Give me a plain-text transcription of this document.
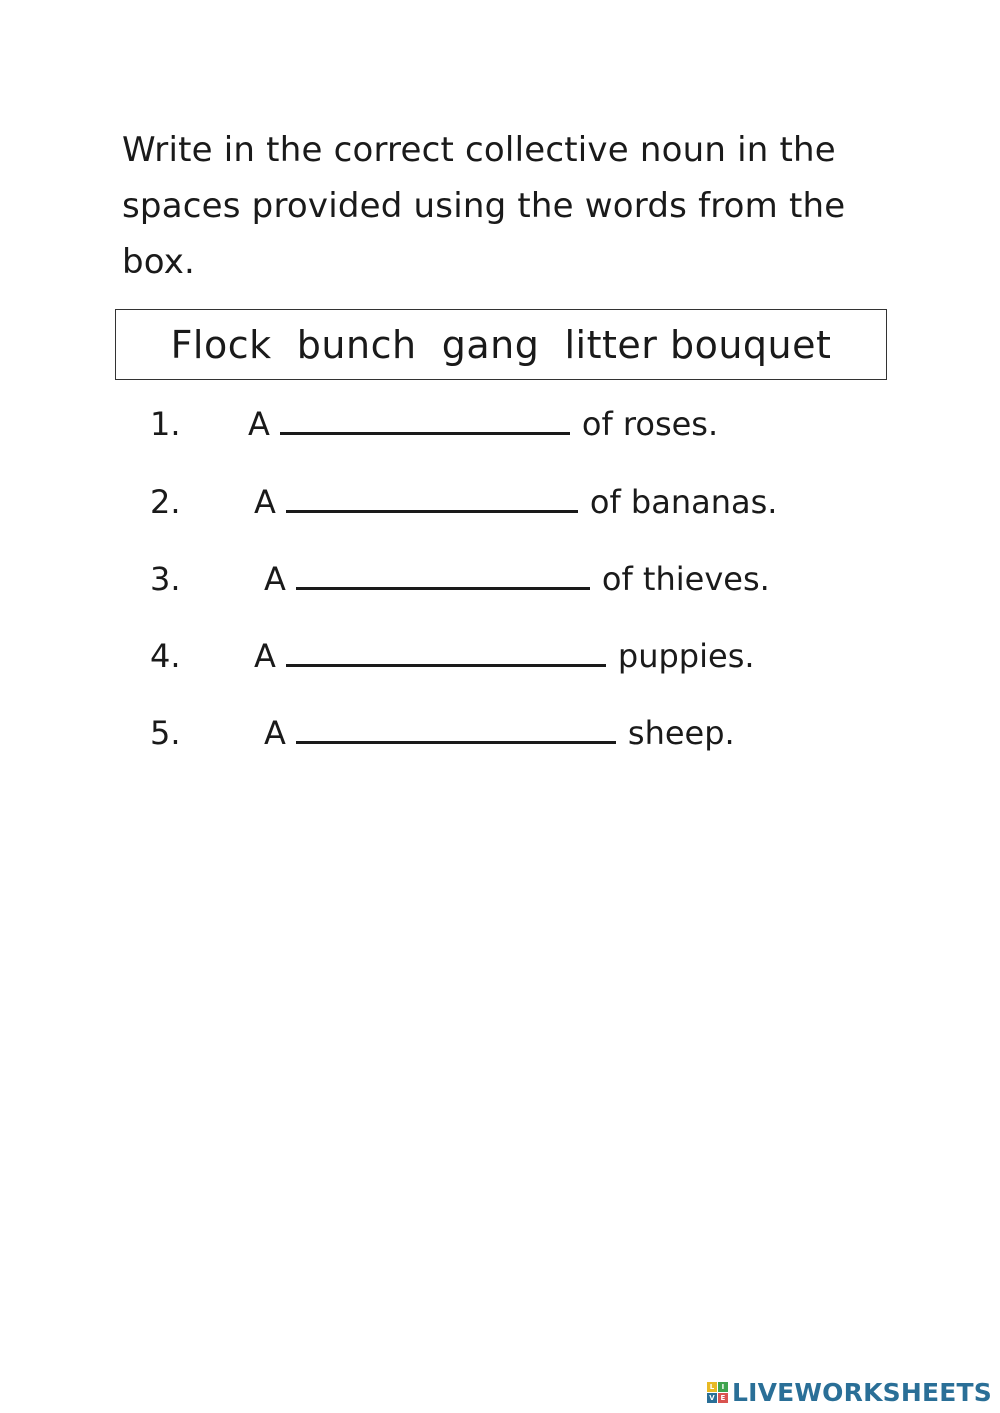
Write in the correct collective noun in the spaces provided using the words from the box.

Flock  bunch  gang  litter bouquet
1. A	of roses.
2. A	of bananas.
3.	A	of thieves.
4. A	puppies.
5.	A	sheep.
L	I
V E LIVEWORKSHEETS
